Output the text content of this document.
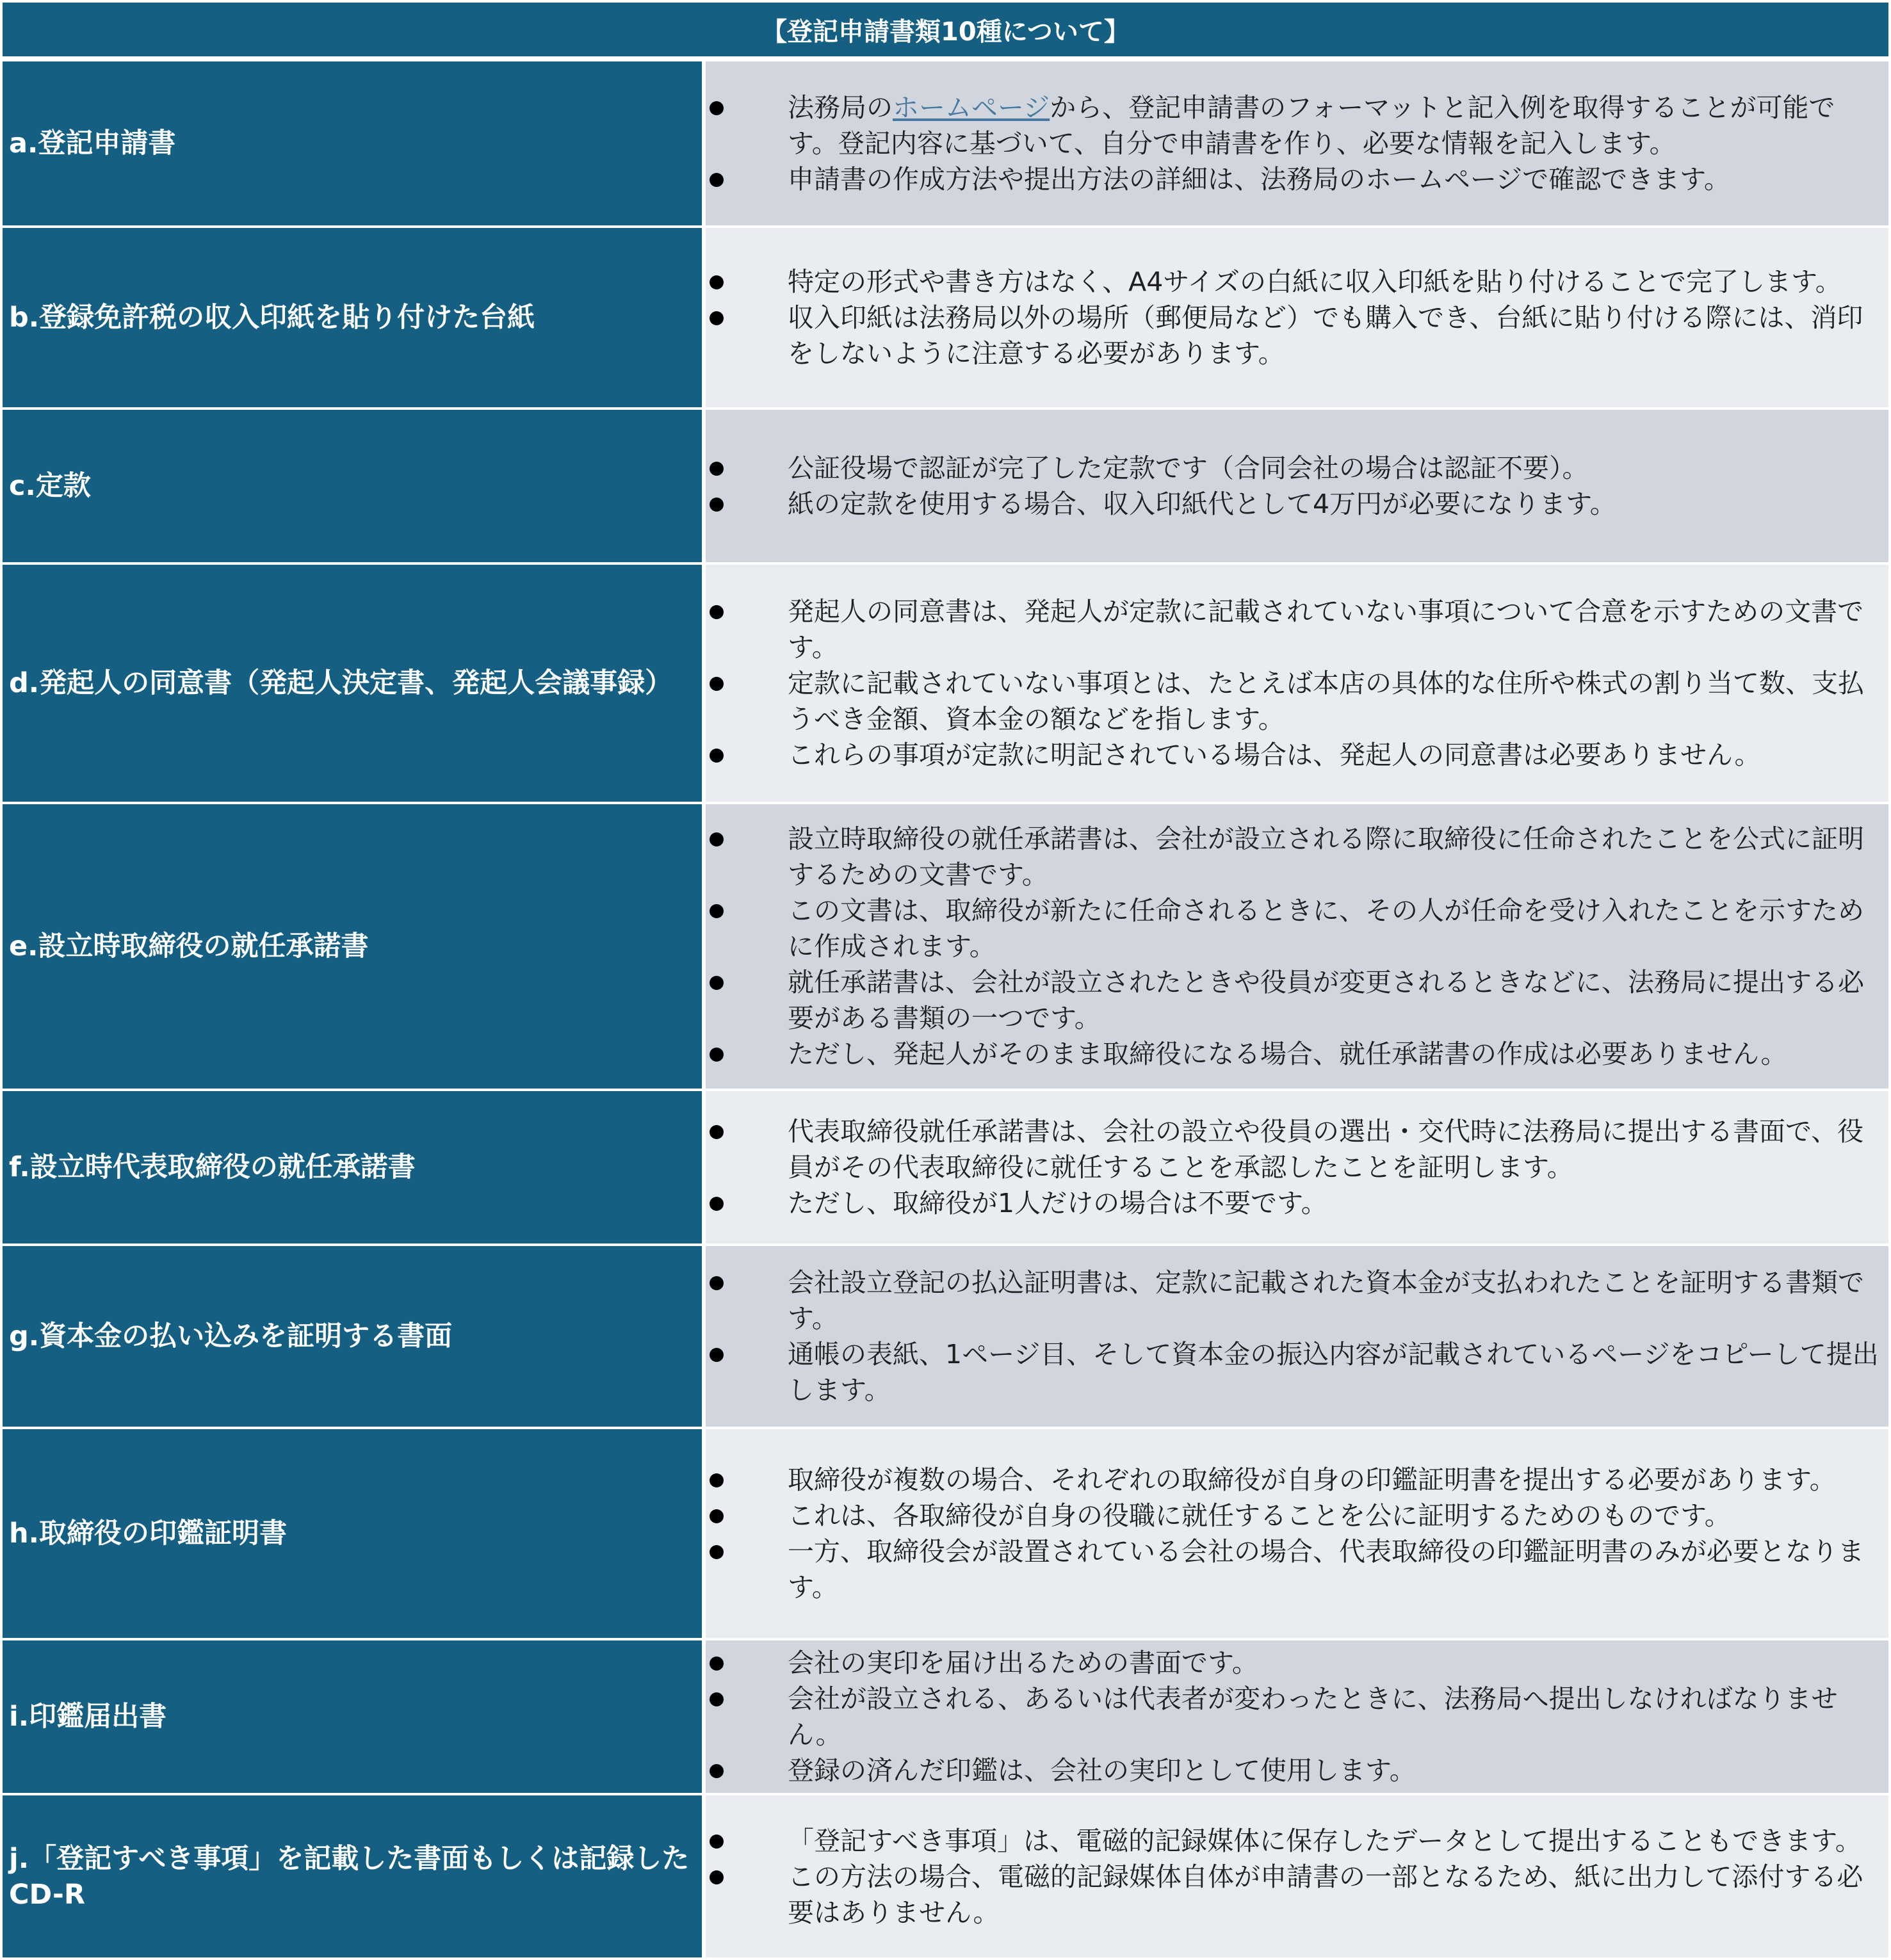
【登記申請書類10種について】
a.登記申請書
法務局のホームページから、登記申請書のフォーマットと記入例を取得することが可能です。登記内容に基づいて、自分で申請書を作り、必要な情報を記入します。
申請書の作成方法や提出方法の詳細は、法務局のホームページで確認できます。
b.登録免許税の収入印紙を貼り付けた台紙
特定の形式や書き方はなく、A4サイズの白紙に収入印紙を貼り付けることで完了します。
収入印紙は法務局以外の場所（郵便局など）でも購入でき、台紙に貼り付ける際には、消印をしないように注意する必要があります。
c.定款
公証役場で認証が完了した定款です（合同会社の場合は認証不要）。
紙の定款を使用する場合、収入印紙代として4万円が必要になります。
d.発起人の同意書（発起人決定書、発起人会議事録）
発起人の同意書は、発起人が定款に記載されていない事項について合意を示すための文書です。
定款に記載されていない事項とは、たとえば本店の具体的な住所や株式の割り当て数、支払うべき金額、資本金の額などを指します。
これらの事項が定款に明記されている場合は、発起人の同意書は必要ありません。
e.設立時取締役の就任承諾書
設立時取締役の就任承諾書は、会社が設立される際に取締役に任命されたことを公式に証明するための文書です。
この文書は、取締役が新たに任命されるときに、その人が任命を受け入れたことを示すために作成されます。
就任承諾書は、会社が設立されたときや役員が変更されるときなどに、法務局に提出する必要がある書類の一つです。
ただし、発起人がそのまま取締役になる場合、就任承諾書の作成は必要ありません。
f.設立時代表取締役の就任承諾書
代表取締役就任承諾書は、会社の設立や役員の選出・交代時に法務局に提出する書面で、役員がその代表取締役に就任することを承認したことを証明します。
ただし、取締役が1人だけの場合は不要です。
g.資本金の払い込みを証明する書面
会社設立登記の払込証明書は、定款に記載された資本金が支払われたことを証明する書類です。
通帳の表紙、1ページ目、そして資本金の振込内容が記載されているページをコピーして提出します。
h.取締役の印鑑証明書
取締役が複数の場合、それぞれの取締役が自身の印鑑証明書を提出する必要があります。
これは、各取締役が自身の役職に就任することを公に証明するためのものです。
一方、取締役会が設置されている会社の場合、代表取締役の印鑑証明書のみが必要となります。
i.印鑑届出書
会社の実印を届け出るための書面です。
会社が設立される、あるいは代表者が変わったときに、法務局へ提出しなければなりません。
登録の済んだ印鑑は、会社の実印として使用します。
j.「登記すべき事項」を記載した書面もしくは記録したCD-R
「登記すべき事項」は、電磁的記録媒体に保存したデータとして提出することもできます。
この方法の場合、電磁的記録媒体自体が申請書の一部となるため、紙に出力して添付する必要はありません。
